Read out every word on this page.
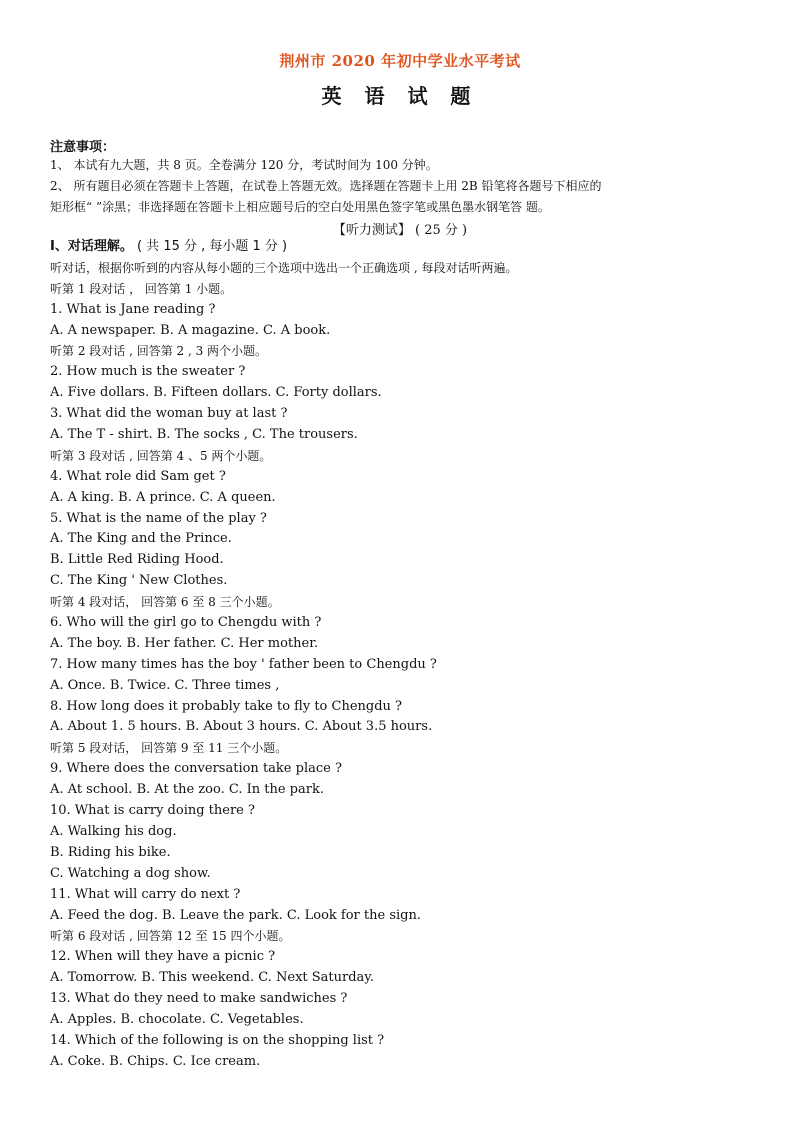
荆州市 2020 年初中学业水平考试
英 语 试 题
注意事项：
1、 本试有九大题，共 8 页。全卷满分 120 分，考试时间为 100 分钟。
2、 所有题目必须在答题卡上答题，在试卷上答题无效。选择题在答题卡上用 2B 铅笔将各题号下相应的
矩形框“ ”涂黑；非选择题在答题卡上相应题号后的空白处用黑色签字笔或黑色墨水钢笔答 题。
【听力测试】 ( 25 分 )
I、对话理解。 ( 共 15 分 , 每小题 1 分 )
听对话，根据你听到的内容从每小题的三个选项中选出一个正确选项 , 每段对话听两遍。
听第 1 段对话 ， 回答第 1 小题。
1. What is Jane reading ?
A. A newspaper. B. A magazine. C. A book.
听第 2 段对话 , 回答第 2 , 3 两个小题。
2. How much is the sweater ?
A. Five dollars. B. Fifteen dollars. C. Forty dollars.
3. What did the woman buy at last ?
A. The T - shirt. B. The socks , C. The trousers.
听第 3 段对话 , 回答第 4 、5 两个小题。
4. What role did Sam get ?
A. A king. B. A prince. C. A queen.
5. What is the name of the play ?
A. The King and the Prince.
B. Little Red Riding Hood.
C. The King ' New Clothes.
听第 4 段对话， 回答第 6 至 8 三个小题。
6. Who will the girl go to Chengdu with ?
A. The boy. B. Her father. C. Her mother.
7. How many times has the boy ' father been to Chengdu ?
A. Once. B. Twice. C. Three times ,
8. How long does it probably take to fly to Chengdu ?
A. About 1. 5 hours. B. About 3 hours. C. About 3.5 hours.
听第 5 段对话， 回答第 9 至 11 三个小题。
9. Where does the conversation take place ?
A. At school. B. At the zoo. C. In the park.
10. What is carry doing there ?
A. Walking his dog.
B. Riding his bike.
C. Watching a dog show.
11. What will carry do next ?
A. Feed the dog. B. Leave the park. C. Look for the sign.
听第 6 段对话 , 回答第 12 至 15 四个小题。
12. When will they have a picnic ?
A. Tomorrow. B. This weekend. C. Next Saturday.
13. What do they need to make sandwiches ?
A. Apples. B. chocolate. C. Vegetables.
14. Which of the following is on the shopping list ?
A. Coke. B. Chips. C. Ice cream.
